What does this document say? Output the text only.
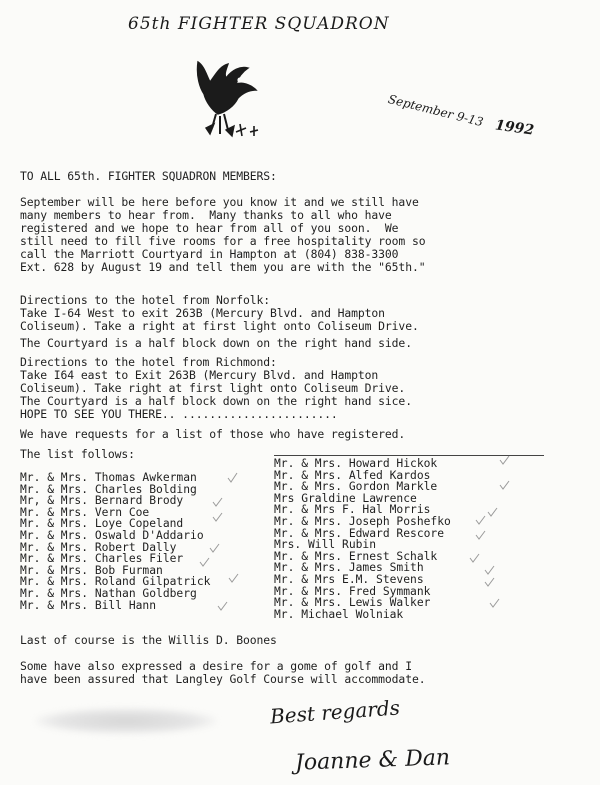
65th FIGHTER SQUADRON
September 9-13 1992
TO ALL 65th. FIGHTER SQUADRON MEMBERS:
September will be here before you know it and we still have
many members to hear from.  Many thanks to all who have
registered and we hope to hear from all of you soon.  We
still need to fill five rooms for a free hospitality room so
call the Marriott Courtyard in Hampton at (804) 838-3300
Ext. 628 by August 19 and tell them you are with the "65th."
Directions to the hotel from Norfolk:
Take I-64 West to exit 263B (Mercury Blvd. and Hampton
Coliseum). Take a right at first light onto Coliseum Drive.
The Courtyard is a half block down on the right hand side.
Directions to the hotel from Richmond:
Take I64 east to Exit 263B (Mercury Blvd. and Hampton
Coliseum). Take right at first light onto Coliseum Drive.
The Courtyard is a half block down on the right hand sice.
HOPE TO SEE YOU THERE.. .......................
We have requests for a list of those who have registered.
The list follows:
Mr. & Mrs. Thomas Awkerman
Mr. & Mrs. Charles Bolding
Mr, & Mrs. Bernard Brody
Mr. & Mrs. Vern Coe
Mr. & Mrs. Loye Copeland
Mr. & Mrs. Oswald D'Addario
Mr. & Mrs. Robert Dally
Mr. & Mrs. Charles Filer
Mr. & Mrs. Bob Furman
Mr. & Mrs. Roland Gilpatrick
Mr. & Mrs. Nathan Goldberg
Mr. & Mrs. Bill Hann
Mr. & Mrs. Howard Hickok
Mr. & Mrs. Alfed Kardos
Mr. & Mrs. Gordon Markle
Mrs Graldine Lawrence
Mr. & Mrs F. Hal Morris
Mr. & Mrs. Joseph Poshefko
Mr. & Mrs. Edward Rescore
Mrs. Will Rubin
Mr. & Mrs. Ernest Schalk
Mr. & Mrs. James Smith
Mr. & Mrs E.M. Stevens
Mr. & Mrs. Fred Symmank
Mr. & Mrs. Lewis Walker
Mr. Michael Wolniak
Last of course is the Willis D. Boones
Some have also expressed a desire for a gome of golf and I
have been assured that Langley Golf Course will accommodate.
Best regards
Joanne & Dan
